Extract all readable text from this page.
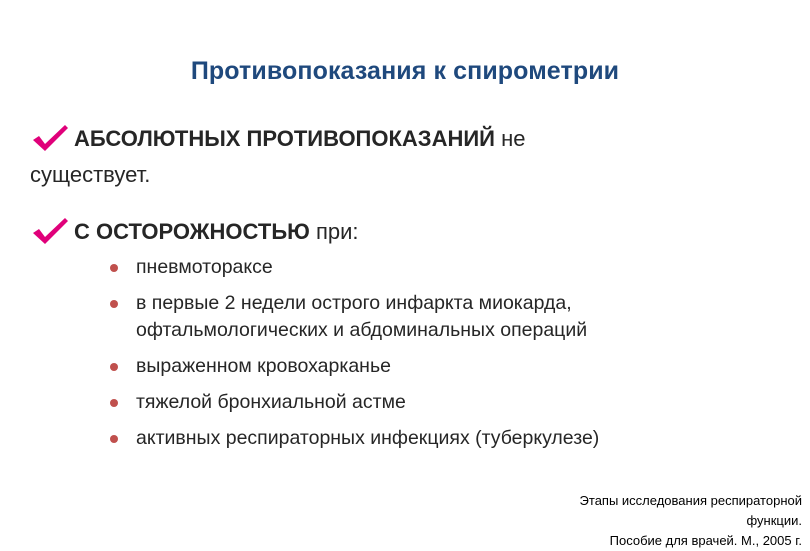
Противопоказания к спирометрии

АБСОЛЮТНЫХ ПРОТИВОПОКАЗАНИЙ не
существует.

С ОСТОРОЖНОСТЬЮ при:

пневмотораксе
в первые 2 недели острого инфаркта миокарда,
офтальмологических и абдоминальных операций
выраженном кровохарканье
тяжелой бронхиальной астме
активных респираторных инфекциях (туберкулезе)
Этапы исследования респираторной
функции.
Пособие для врачей. М., 2005 г.
